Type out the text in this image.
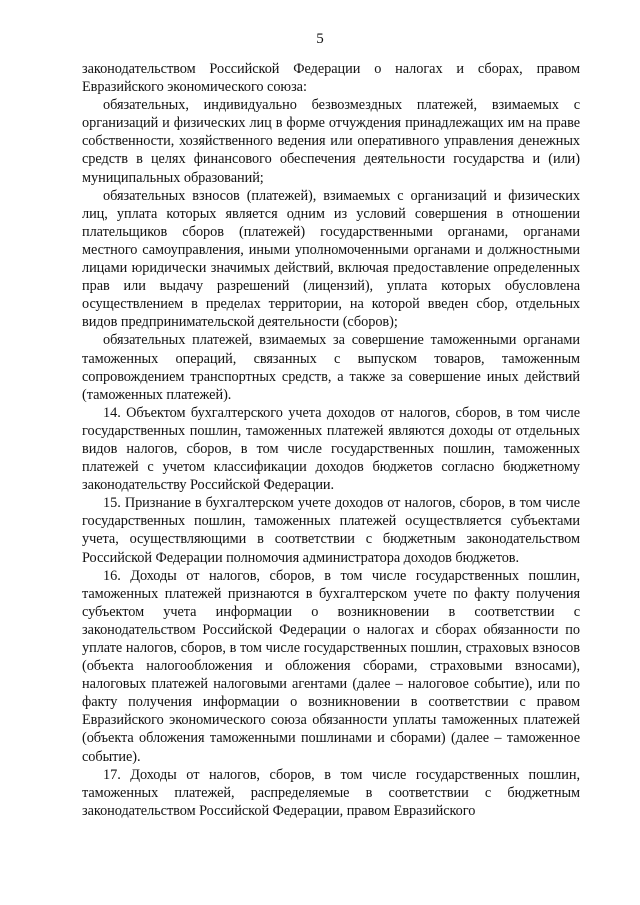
5

законодательством Российской Федерации о налогах и сборах, правом Евразийского экономического союза:

обязательных, индивидуально безвозмездных платежей, взимаемых с организаций и физических лиц в форме отчуждения принадлежащих им на праве собственности, хозяйственного ведения или оперативного управления денежных средств в целях финансового обеспечения деятельности государства и (или) муниципальных образований;

обязательных взносов (платежей), взимаемых с организаций и физических лиц, уплата которых является одним из условий совершения в отношении плательщиков сборов (платежей) государственными органами, органами местного самоуправления, иными уполномоченными органами и должностными лицами юридически значимых действий, включая предоставление определенных прав или выдачу разрешений (лицензий), уплата которых обусловлена осуществлением в пределах территории, на которой введен сбор, отдельных видов предпринимательской деятельности (сборов);

обязательных платежей, взимаемых за совершение таможенными органами таможенных операций, связанных с выпуском товаров, таможенным сопровождением транспортных средств, а также за совершение иных действий (таможенных платежей).

14. Объектом бухгалтерского учета доходов от налогов, сборов, в том числе государственных пошлин, таможенных платежей являются доходы от отдельных видов налогов, сборов, в том числе государственных пошлин, таможенных платежей с учетом классификации доходов бюджетов согласно бюджетному законодательству Российской Федерации.

15. Признание в бухгалтерском учете доходов от налогов, сборов, в том числе государственных пошлин, таможенных платежей осуществляется субъектами учета, осуществляющими в соответствии с бюджетным законодательством Российской Федерации полномочия администратора доходов бюджетов.

16. Доходы от налогов, сборов, в том числе государственных пошлин, таможенных платежей признаются в бухгалтерском учете по факту получения субъектом учета информации о возникновении в соответствии с законодательством Российской Федерации о налогах и сборах обязанности по уплате налогов, сборов, в том числе государственных пошлин, страховых взносов (объекта налогообложения и обложения сборами, страховыми взносами), налоговых платежей налоговыми агентами (далее – налоговое событие), или по факту получения информации о возникновении в соответствии с правом Евразийского экономического союза обязанности уплаты таможенных платежей (объекта обложения таможенными пошлинами и сборами) (далее – таможенное событие).

17. Доходы от налогов, сборов, в том числе государственных пошлин, таможенных платежей, распределяемые в соответствии с бюджетным законодательством Российской Федерации, правом Евразийского
